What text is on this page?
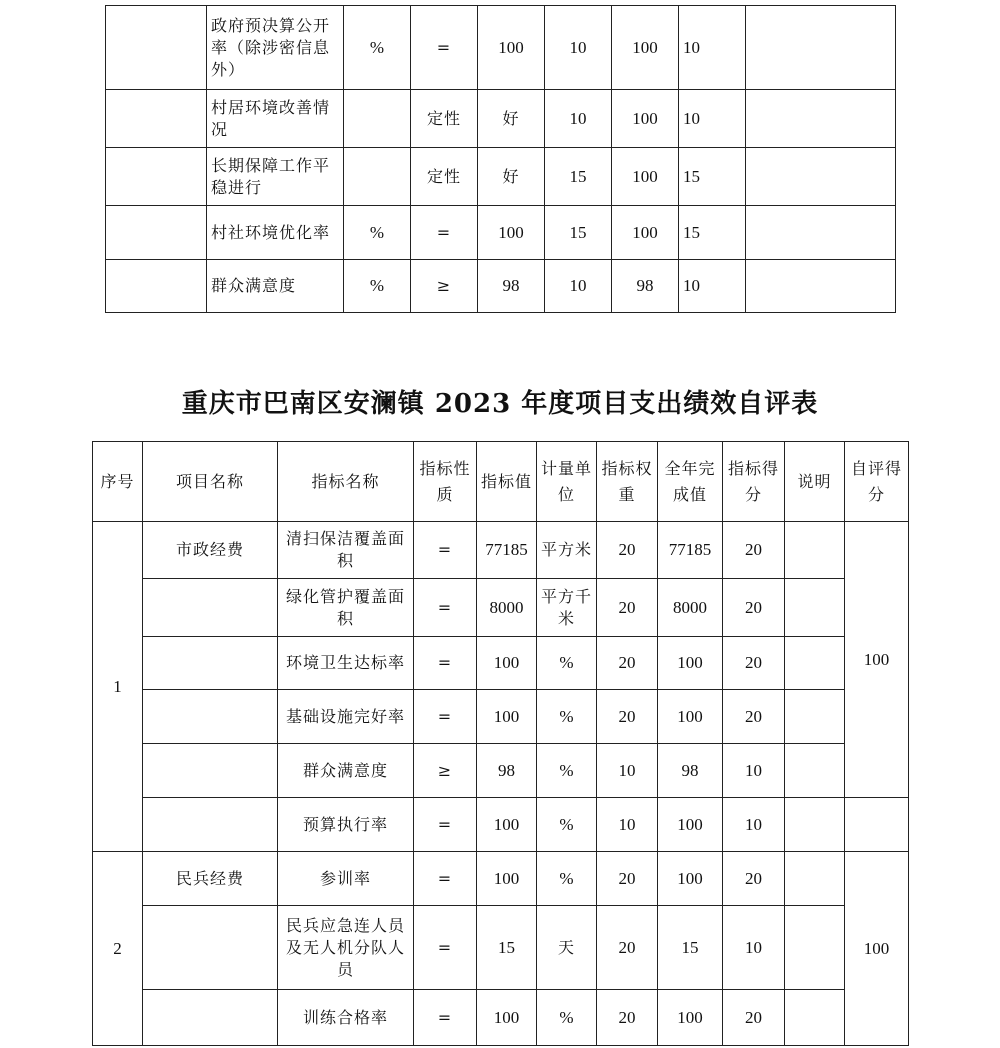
	政府预决算公开率（除涉密信息外）	%	=	100	10	100	10	
	村居环境改善情况		定性	好	10	100	10	
	长期保障工作平稳进行		定性	好	15	100	15	
	村社环境优化率	%	=	100	15	100	15	
	群众满意度	%	≥	98	10	98	10	
重庆市巴南区安澜镇 2023 年度项目支出绩效自评表
序号	项目名称	指标名称	指标性质	指标值	计量单位	指标权重	全年完成值	指标得分	说明	自评得分
1	市政经费	清扫保洁覆盖面积	=	77185	平方米	20	77185	20		100
		绿化管护覆盖面积	=	8000	平方千米	20	8000	20		
		环境卫生达标率	=	100	%	20	100	20		
		基础设施完好率	=	100	%	20	100	20		
		群众满意度	≥	98	%	10	98	10		
		预算执行率	=	100	%	10	100	10		
2	民兵经费	参训率	=	100	%	20	100	20		100
		民兵应急连人员及无人机分队人员	=	15	天	20	15	10		
		训练合格率	=	100	%	20	100	20		
